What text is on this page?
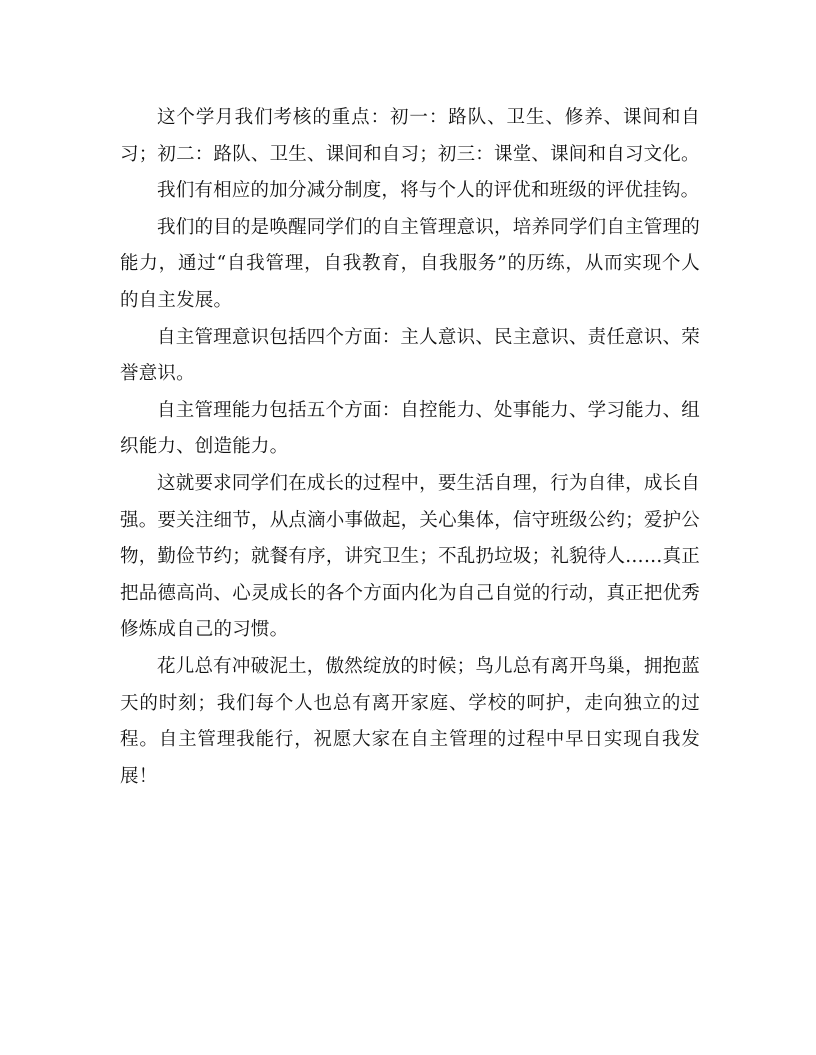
这个学月我们考核的重点：初一：路队、卫生、修养、课间和自习；初二：路队、卫生、课间和自习；初三：课堂、课间和自习文化。

我们有相应的加分减分制度，将与个人的评优和班级的评优挂钩。

我们的目的是唤醒同学们的自主管理意识，培养同学们自主管理的能力，通过“自我管理，自我教育，自我服务”的历练，从而实现个人的自主发展。

自主管理意识包括四个方面：主人意识、民主意识、责任意识、荣誉意识。

自主管理能力包括五个方面：自控能力、处事能力、学习能力、组织能力、创造能力。

这就要求同学们在成长的过程中，要生活自理，行为自律，成长自强。要关注细节，从点滴小事做起，关心集体，信守班级公约；爱护公物，勤俭节约；就餐有序，讲究卫生；不乱扔垃圾；礼貌待人……真正把品德高尚、心灵成长的各个方面内化为自己自觉的行动，真正把优秀修炼成自己的习惯。

花儿总有冲破泥土，傲然绽放的时候；鸟儿总有离开鸟巢，拥抱蓝天的时刻；我们每个人也总有离开家庭、学校的呵护，走向独立的过程。自主管理我能行，祝愿大家在自主管理的过程中早日实现自我发展！
